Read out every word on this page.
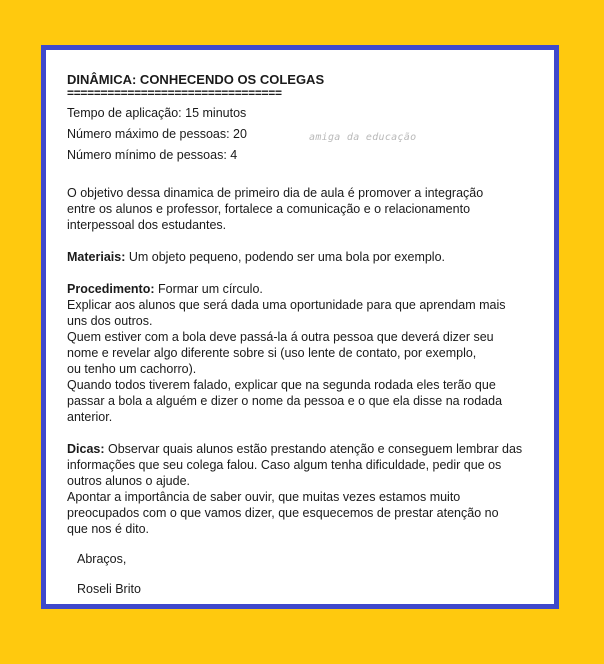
amiga da educação

DINÂMICA: CONHECENDO OS COLEGAS

================================

Tempo de aplicação: 15 minutos

Número máximo de pessoas: 20

Número mínimo de pessoas: 4

O objetivo dessa dinamica de primeiro dia de aula é promover a integração

entre os alunos e professor, fortalece a comunicação e o relacionamento

interpessoal dos estudantes.

Materiais: Um objeto pequeno, podendo ser uma bola por exemplo.

Procedimento: Formar um círculo.

Explicar aos alunos que será dada uma oportunidade para que aprendam mais

uns dos outros.

Quem estiver com a bola deve passá-la á outra pessoa que deverá dizer seu

nome e revelar algo diferente sobre si (uso lente de contato, por exemplo,

ou tenho um cachorro).

Quando todos tiverem falado, explicar que na segunda rodada eles terão que

passar a bola a alguém e dizer o nome da pessoa e o que ela disse na rodada

anterior.

Dicas: Observar quais alunos estão prestando atenção e conseguem lembrar das

informações que seu colega falou. Caso algum tenha dificuldade, pedir que os

outros alunos o ajude.

Apontar a importância de saber ouvir, que muitas vezes estamos muito

preocupados com o que vamos dizer, que esquecemos de prestar atenção no

que nos é dito.

Abraços,

Roseli Brito
